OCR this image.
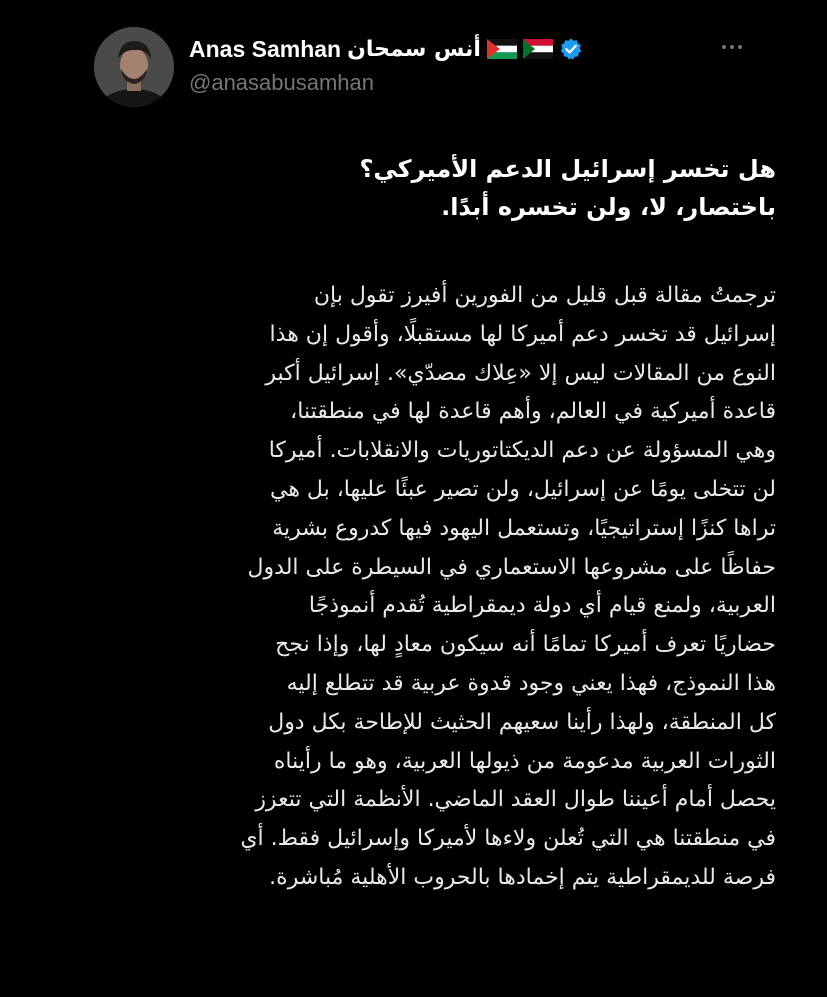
Anas Samhan أنس سمحان
@anasabusamhan
هل تخسر إسرائيل الدعم الأميركي؟
باختصار، لا، ولن تخسره أبدًا.
ترجمتُ مقالة قبل قليل من الفورين أفيرز تقول بإن
إسرائيل قد تخسر دعم أميركا لها مستقبلًا، وأقول إن هذا
النوع من المقالات ليس إلا «عِلاك مصدّي». إسرائيل أكبر
قاعدة أميركية في العالم، وأهم قاعدة لها في منطقتنا،
وهي المسؤولة عن دعم الديكتاتوريات والانقلابات. أميركا
لن تتخلى يومًا عن إسرائيل، ولن تصير عبئًا عليها، بل هي
تراها كنزًا إستراتيجيًا، وتستعمل اليهود فيها كدروع بشرية
حفاظًا على مشروعها الاستعماري في السيطرة على الدول
العربية، ولمنع قيام أي دولة ديمقراطية تُقدم أنموذجًا
حضاريًا تعرف أميركا تمامًا أنه سيكون معادٍ لها، وإذا نجح
هذا النموذج، فهذا يعني وجود قدوة عربية قد تتطلع إليه
كل المنطقة، ولهذا رأينا سعيهم الحثيث للإطاحة بكل دول
الثورات العربية مدعومة من ذيولها العربية، وهو ما رأيناه
يحصل أمام أعيننا طوال العقد الماضي. الأنظمة التي تتعزز
في منطقتنا هي التي تُعلن ولاءها لأميركا وإسرائيل فقط. أي
فرصة للديمقراطية يتم إخمادها بالحروب الأهلية مُباشرة.
